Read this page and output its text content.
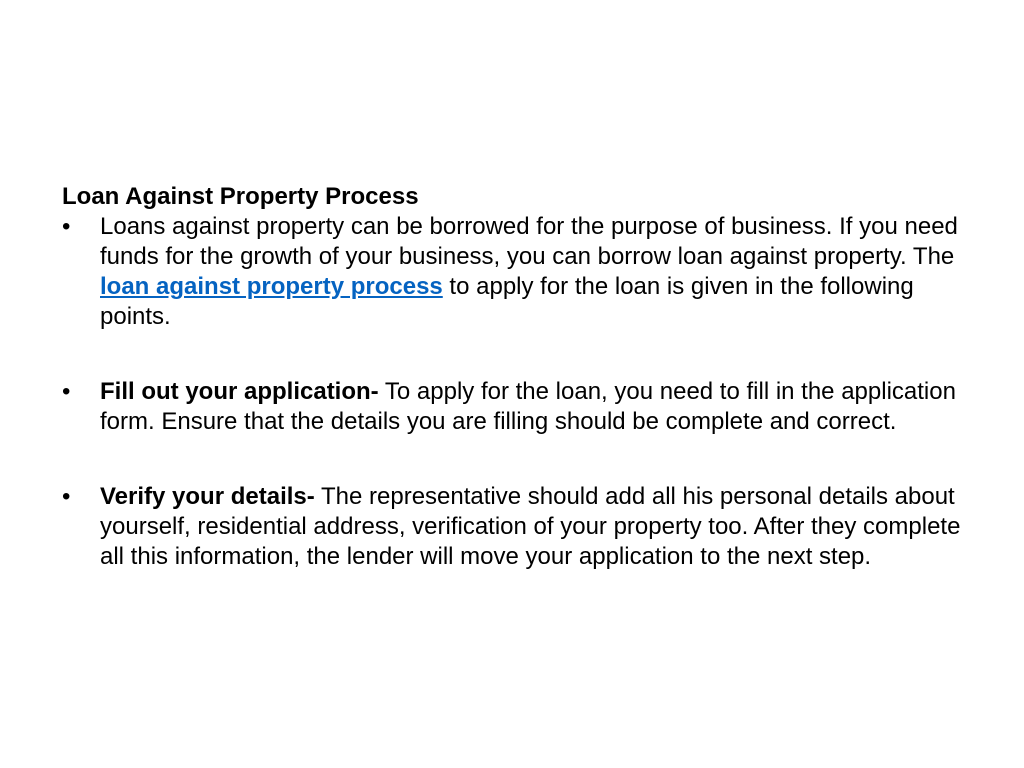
Loan Against Property Process

•	Loans against property can be borrowed for the purpose of business. If you need funds for the growth of your business, you can borrow loan against property. The loan against property process to apply for the loan is given in the following points.
•	Fill out your application- To apply for the loan, you need to fill in the application form. Ensure that the details you are filling should be complete and correct.
•	Verify your details- The representative should add all his personal details about yourself, residential address, verification of your property too. After they complete all this information, the lender will move your application to the next step.
